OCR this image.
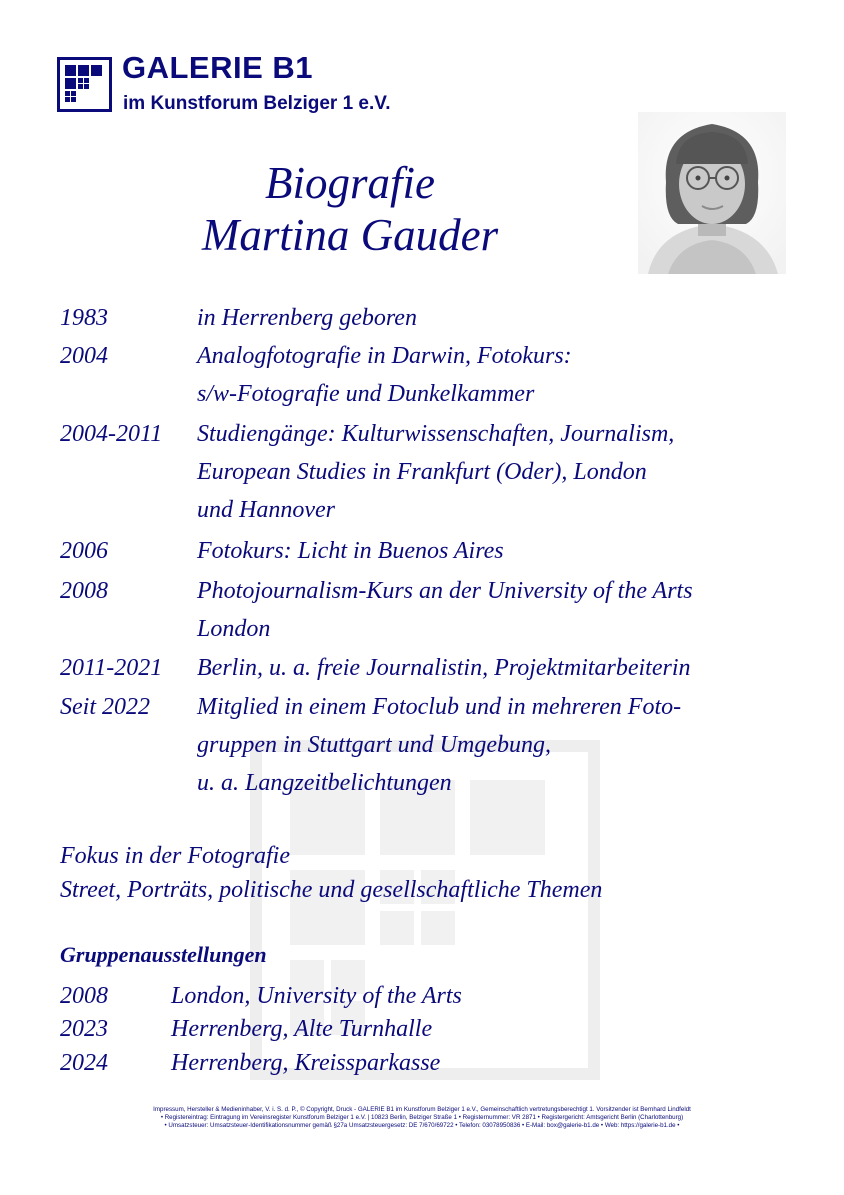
GALERIE B1
im Kunstforum Belziger 1 e.V.
Biografie
Martina Gauder
1983	in Herrenberg geboren
2004	Analogfotografie in Darwin, Fotokurs:
s/w-Fotografie und Dunkelkammer
2004-2011 Studiengänge: Kulturwissenschaften, Journalism,
European Studies in Frankfurt (Oder), London
und Hannover
2006	Fotokurs: Licht in Buenos Aires
2008	Photojournalism-Kurs an der University of the Arts
London
2011-2021 Berlin, u. a. freie Journalistin, Projektmitarbeiterin
Seit 2022 Mitglied in einem Fotoclub und in mehreren Foto-
gruppen in Stuttgart und Umgebung,
u. a. Langzeitbelichtungen
Fokus in der Fotografie
Street, Porträts, politische und gesellschaftliche Themen
Gruppenausstellungen
2008	London, University of the Arts
2023	Herrenberg, Alte Turnhalle
2024	Herrenberg, Kreissparkasse
Impressum, Hersteller & Medieninhaber, V. i. S. d. P., © Copyright, Druck - GALERIE B1 im Kunstforum Belziger 1 e.V., Gemeinschaftlich vertretungsberechtigt 1. Vorsitzender ist Bernhard Lindfeldt
• Registereintrag: Eintragung im Vereinsregister Kunstforum Belziger 1 e.V. | 10823 Berlin, Belziger Straße 1 • Registernummer: VR 2871 • Registergericht: Amtsgericht Berlin (Charlottenburg)
• Umsatzsteuer: Umsatzsteuer-Identifikationsnummer gemäß §27a Umsatzsteuergesetz: DE 7/670/69722 • Telefon: 03078950836 • E-Mail: box@galerie-b1.de • Web: https://galerie-b1.de •
